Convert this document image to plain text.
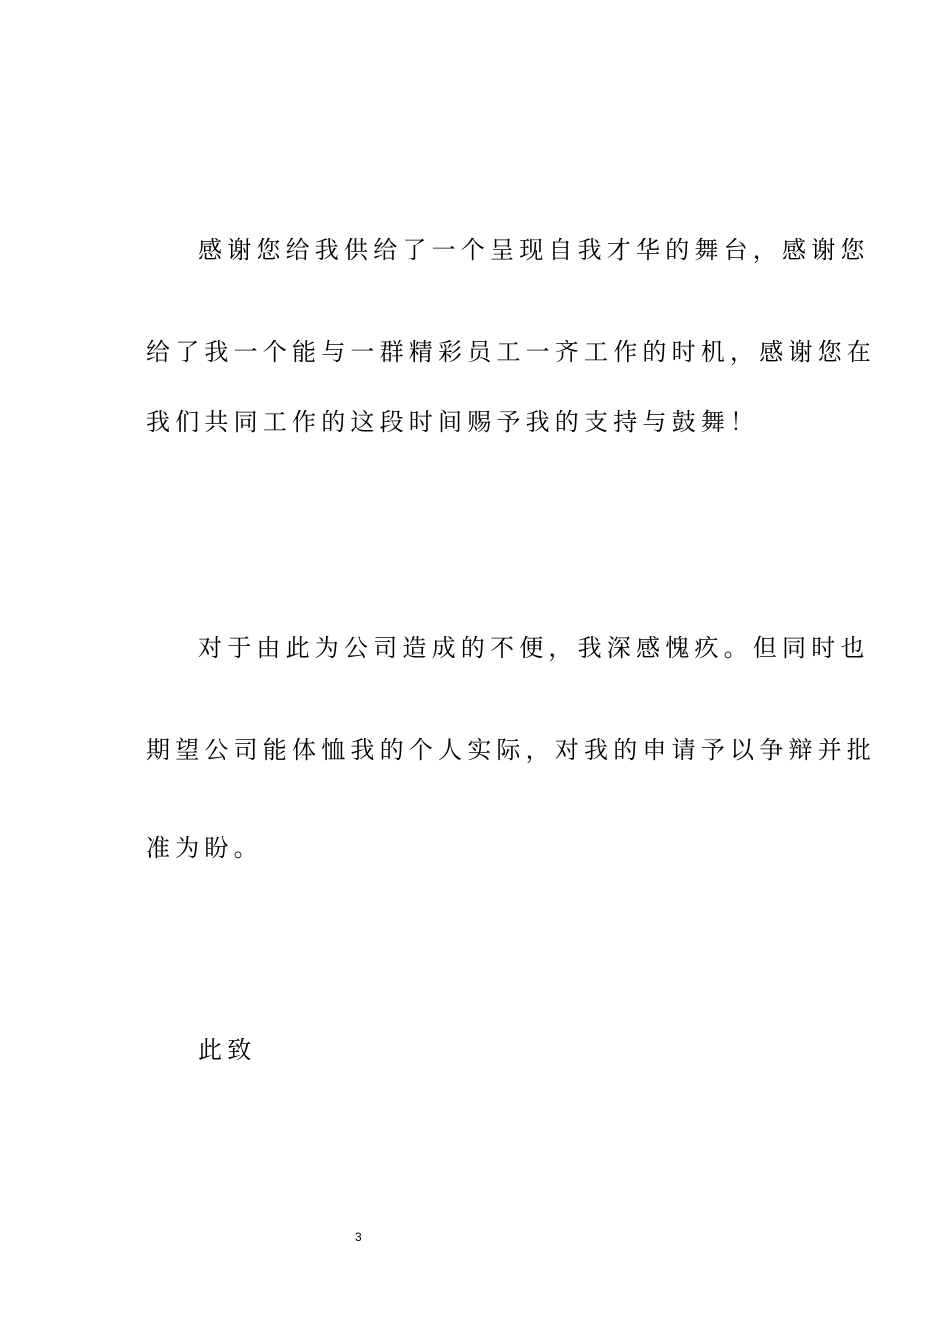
感谢您给我供给了一个呈现自我才华的舞台，感谢您
给了我一个能与一群精彩员工一齐工作的时机，感谢您在
我们共同工作的这段时间赐予我的支持与鼓舞！
对于由此为公司造成的不便，我深感愧疚。但同时也
期望公司能体恤我的个人实际，对我的申请予以争辩并批
准为盼。
此致
3
